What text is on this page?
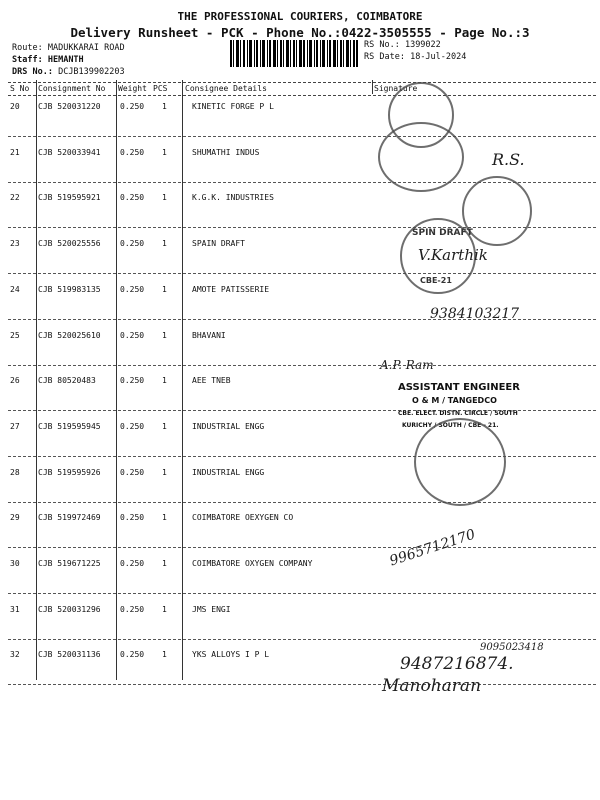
THE PROFESSIONAL COURIERS, COIMBATORE
Delivery Runsheet - PCK - Phone No.:0422-3505555 - Page No.:3
Route: MADUKKARAI ROAD
Staff: HEMANTH
DRS No.: DCJB139902203
RS No.: 1399022
RS Date: 18-Jul-2024
S No Consignment No Weight PCS Consignee Details	Signature
20 CJB 520031220 0.250 1	KINETIC FORGE P L
21 CJB 520033941 0.250 1	SHUMATHI INDUS
22 CJB 519595921 0.250 1	K.G.K. INDUSTRIES
23 CJB 520025556 0.250 1	SPAIN DRAFT
24 CJB 519983135 0.250 1	AMOTE PATISSERIE
25 CJB 520025610 0.250 1	BHAVANI
26 CJB 80520483	0.250 1	AEE TNEB
27 CJB 519595945 0.250 1	INDUSTRIAL ENGG
28 CJB 519595926 0.250 1	INDUSTRIAL ENGG
29 CJB 519972469 0.250 1	COIMBATORE OEXYGEN CO
30 CJB 519671225 0.250 1	COIMBATORE OXYGEN COMPANY
31 CJB 520031296 0.250 1	JMS ENGI
32 CJB 520031136 0.250 1	YKS ALLOYS I P L
R.S.
SPIN DRAFT
CBE-21
V.Karthik
9384103217
A.P. Ram
ASSISTANT ENGINEER
O & M / TANGEDCO
CBE. ELECT. DISTN. CIRCLE / SOUTH
KURICHY / SOUTH / CBE - 21.
9965712170
9095023418
9487216874.
Manoharan
